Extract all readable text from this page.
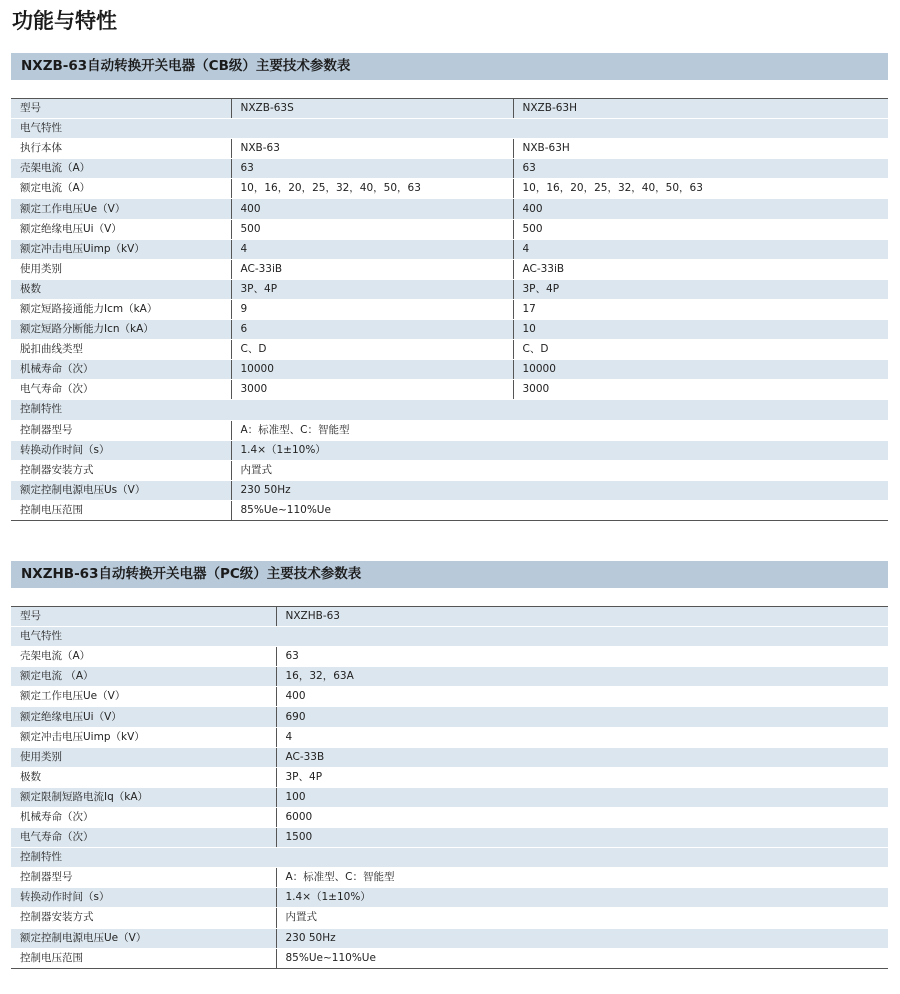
功能与特性
NXZB-63自动转换开关电器（CB级）主要技术参数表
型号	NXZB-63S	NXZB-63H
电气特性		
执行本体	NXB-63	NXB-63H
壳架电流（A）	63	63
额定电流（A）	10，16，20，25，32，40，50，63	10，16，20，25，32，40，50，63
额定工作电压Ue（V）	400	400
额定绝缘电压Ui（V）	500	500
额定冲击电压Uimp（kV）	4	4
使用类别	AC-33iB	AC-33iB
极数	3P、4P	3P、4P
额定短路接通能力Icm（kA）	9	17
额定短路分断能力Icn（kA）	6	10
脱扣曲线类型	C、D	C、D
机械寿命（次）	10000	10000
电气寿命（次）	3000	3000
控制特性		
控制器型号	A：标准型、C：智能型	
转换动作时间（s）	1.4×（1±10%）	
控制器安装方式	内置式	
额定控制电源电压Us（V）	230 50Hz	
控制电压范围	85%Ue~110%Ue	
NXZHB-63自动转换开关电器（PC级）主要技术参数表
型号	NXZHB-63
电气特性	
壳架电流（A）	63
额定电流 （A）	16，32，63A
额定工作电压Ue（V）	400
额定绝缘电压Ui（V）	690
额定冲击电压Uimp（kV）	4
使用类别	AC-33B
极数	3P、4P
额定限制短路电流Iq（kA）	100
机械寿命（次）	6000
电气寿命（次）	1500
控制特性	
控制器型号	A：标准型、C：智能型
转换动作时间（s）	1.4×（1±10%）
控制器安装方式	内置式
额定控制电源电压Ue（V）	230 50Hz
控制电压范围	85%Ue~110%Ue
